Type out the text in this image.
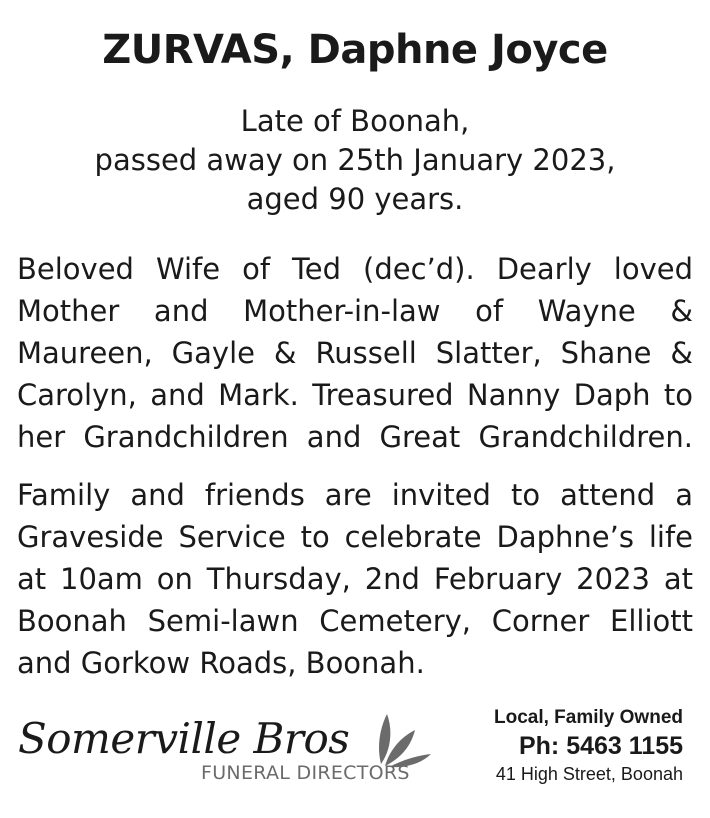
ZURVAS, Daphne Joyce
Late of Boonah,
passed away on 25th January 2023,
aged 90 years.
Beloved Wife of Ted (dec’d). Dearly loved
Mother and Mother-in-law of Wayne &
Maureen, Gayle & Russell Slatter, Shane &
Carolyn, and Mark. Treasured Nanny Daph to
her Grandchildren and Great Grandchildren.
Family and friends are invited to attend a
Graveside Service to celebrate Daphne’s life
at 10am on Thursday, 2nd February 2023 at
Boonah Semi-lawn Cemetery, Corner Elliott
and Gorkow Roads, Boonah.
Somerville Bros
FUNERAL DIRECTORS
Local, Family Owned
Ph: 5463 1155
41 High Street, Boonah
